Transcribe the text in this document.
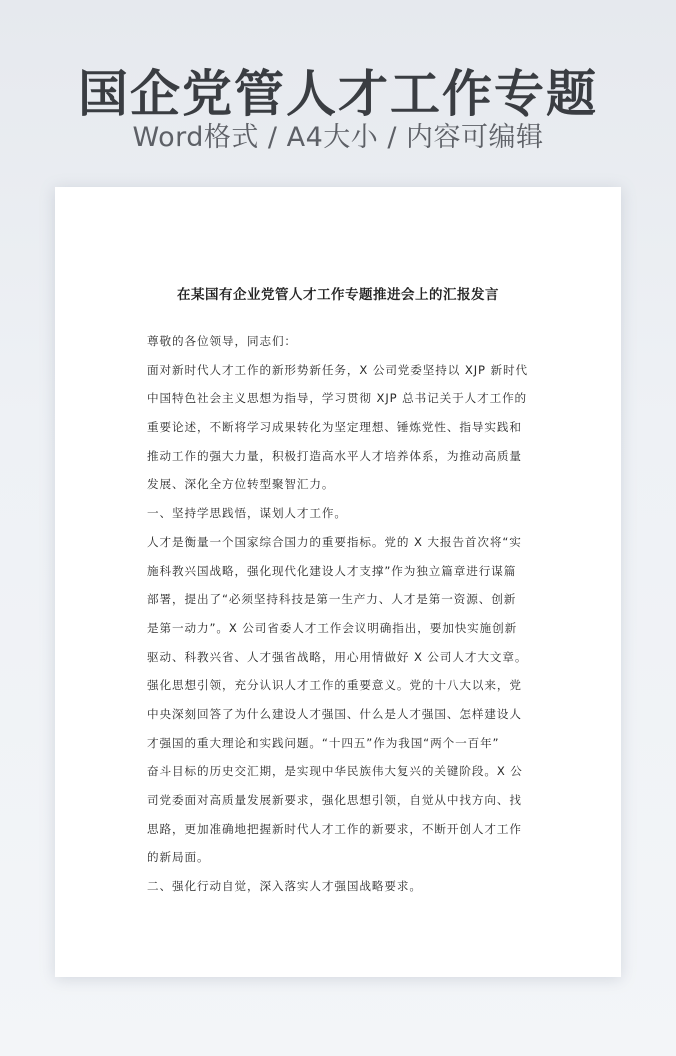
国企党管人才工作专题
Word格式 / A4大小 / 内容可编辑
在某国有企业党管人才工作专题推进会上的汇报发言
尊敬的各位领导，同志们：
面对新时代人才工作的新形势新任务，X 公司党委坚持以 XJP 新时代
中国特色社会主义思想为指导，学习贯彻 XJP 总书记关于人才工作的
重要论述，不断将学习成果转化为坚定理想、锤炼党性、指导实践和
推动工作的强大力量，积极打造高水平人才培养体系，为推动高质量
发展、深化全方位转型聚智汇力。
一、坚持学思践悟，谋划人才工作。
人才是衡量一个国家综合国力的重要指标。党的 X 大报告首次将“实
施科教兴国战略，强化现代化建设人才支撑”作为独立篇章进行谋篇
部署，提出了“必须坚持科技是第一生产力、人才是第一资源、创新
是第一动力”。X 公司省委人才工作会议明确指出，要加快实施创新
驱动、科教兴省、人才强省战略，用心用情做好 X 公司人才大文章。
强化思想引领，充分认识人才工作的重要意义。党的十八大以来，党
中央深刻回答了为什么建设人才强国、什么是人才强国、怎样建设人
才强国的重大理论和实践问题。“十四五”作为我国“两个一百年”
奋斗目标的历史交汇期，是实现中华民族伟大复兴的关键阶段。X 公
司党委面对高质量发展新要求，强化思想引领，自觉从中找方向、找
思路，更加准确地把握新时代人才工作的新要求，不断开创人才工作
的新局面。
二、强化行动自觉，深入落实人才强国战略要求。
